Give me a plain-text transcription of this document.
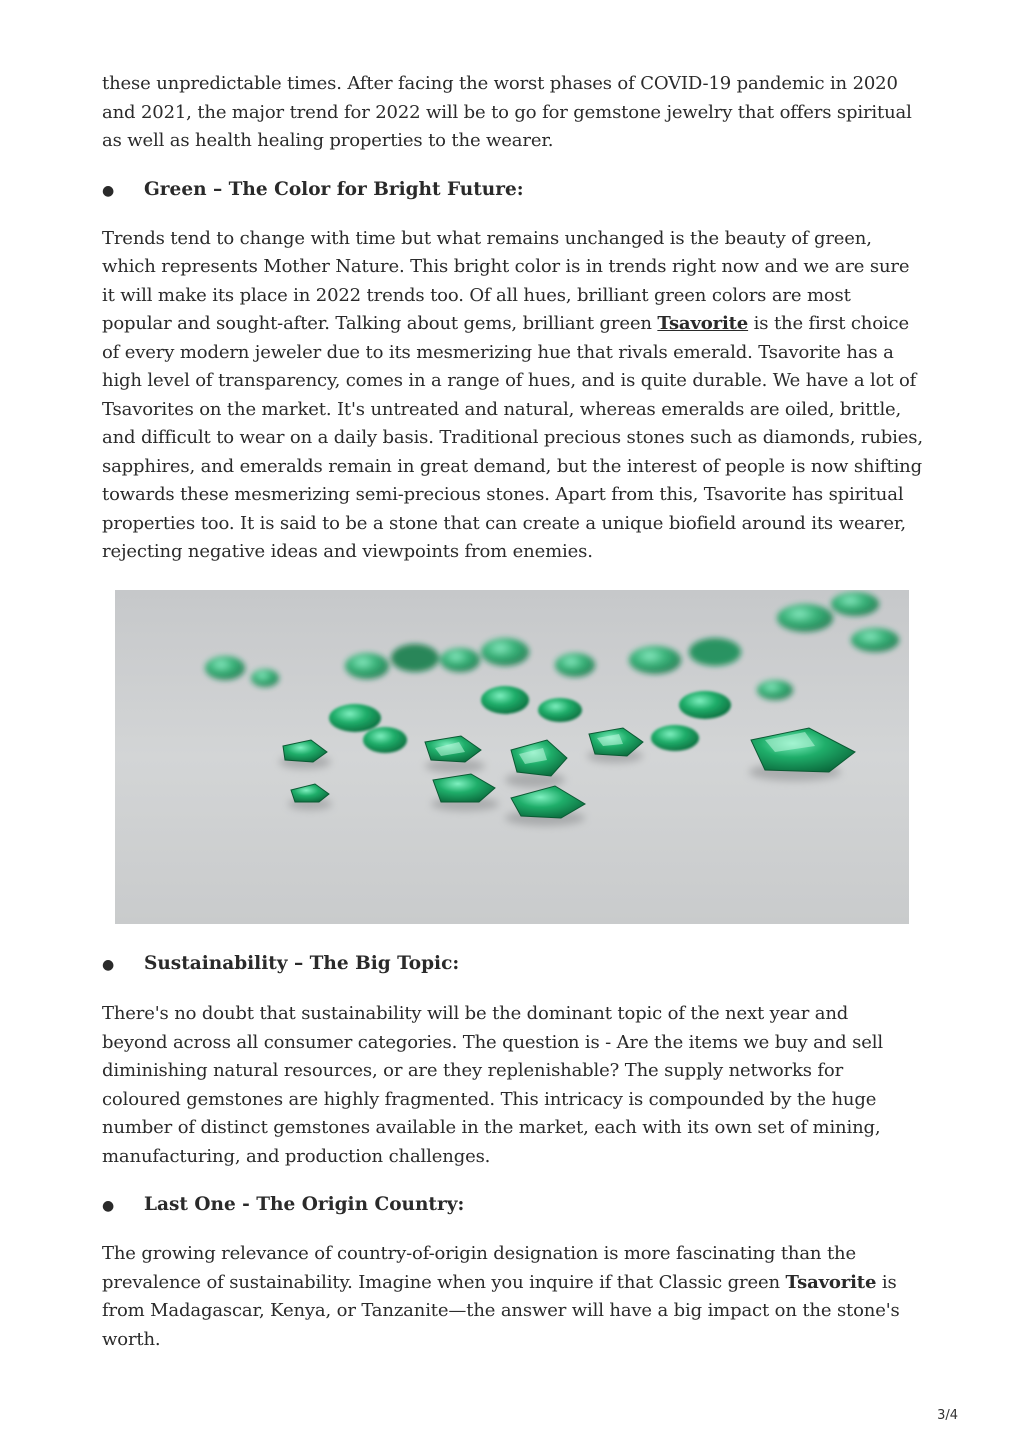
these unpredictable times. After facing the worst phases of COVID-19 pandemic in 2020 and 2021, the major trend for 2022 will be to go for gemstone jewelry that offers spiritual as well as health healing properties to the wearer.

●	Green – The Color for Bright Future:

Trends tend to change with time but what remains unchanged is the beauty of green, which represents Mother Nature. This bright color is in trends right now and we are sure it will make its place in 2022 trends too. Of all hues, brilliant green colors are most popular and sought-after. Talking about gems, brilliant green Tsavorite is the first choice of every modern jeweler due to its mesmerizing hue that rivals emerald. Tsavorite has a high level of transparency, comes in a range of hues, and is quite durable. We have a lot of Tsavorites on the market. It's untreated and natural, whereas emeralds are oiled, brittle, and difficult to wear on a daily basis. Traditional precious stones such as diamonds, rubies, sapphires, and emeralds remain in great demand, but the interest of people is now shifting towards these mesmerizing semi-precious stones. Apart from this, Tsavorite has spiritual properties too. It is said to be a stone that can create a unique biofield around its wearer, rejecting negative ideas and viewpoints from enemies.

●	Sustainability – The Big Topic:

There's no doubt that sustainability will be the dominant topic of the next year and beyond across all consumer categories. The question is - Are the items we buy and sell diminishing natural resources, or are they replenishable? The supply networks for coloured gemstones are highly fragmented. This intricacy is compounded by the huge number of distinct gemstones available in the market, each with its own set of mining, manufacturing, and production challenges.

●	Last One - The Origin Country:

The growing relevance of country-of-origin designation is more fascinating than the prevalence of sustainability. Imagine when you inquire if that Classic green Tsavorite is from Madagascar, Kenya, or Tanzanite—the answer will have a big impact on the stone's worth.

3/4
